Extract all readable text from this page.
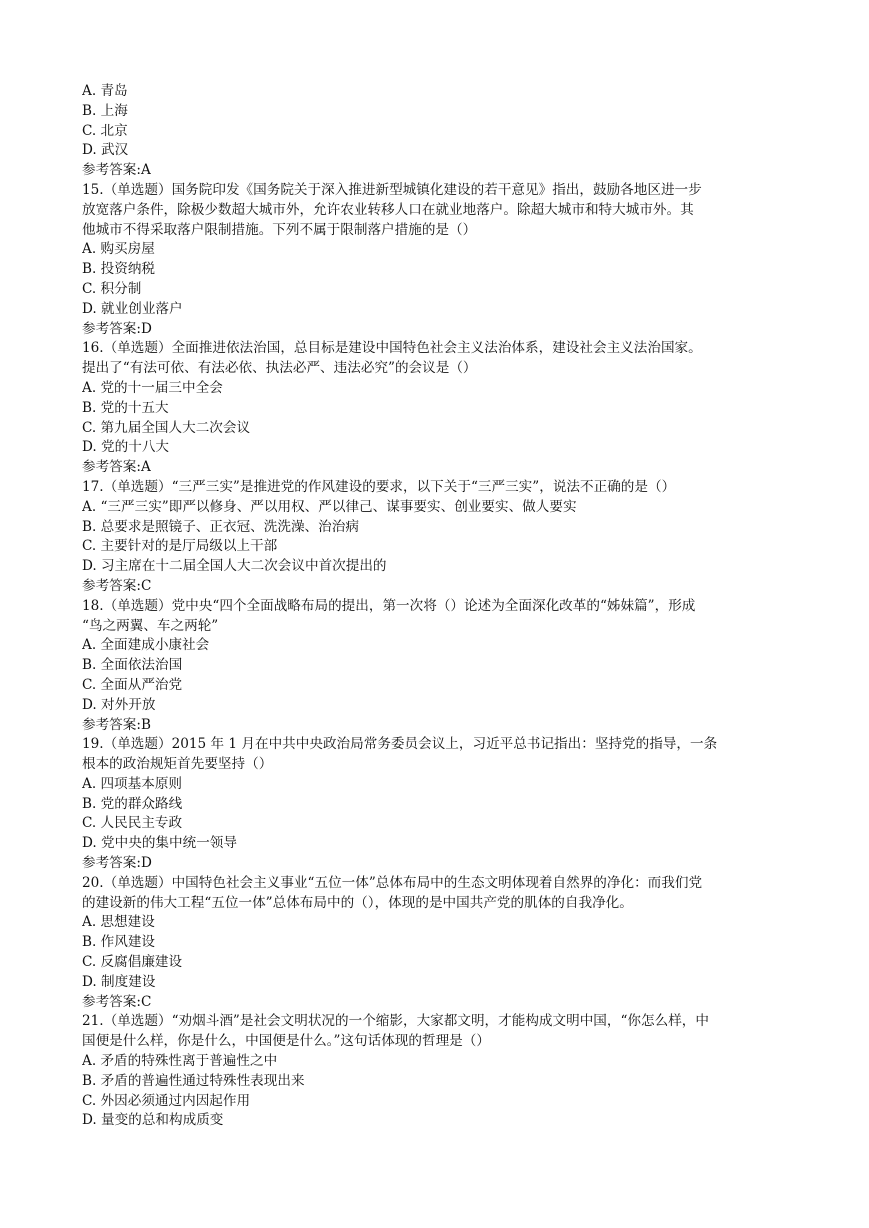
A. 青岛
B. 上海
C. 北京
D. 武汉
参考答案:A
15.（单选题）国务院印发《国务院关于深入推进新型城镇化建设的若干意见》指出，鼓励各地区进一步
放宽落户条件，除极少数超大城市外，允许农业转移人口在就业地落户。除超大城市和特大城市外。其
他城市不得采取落户限制措施。下列不属于限制落户措施的是（）
A. 购买房屋
B. 投资纳税
C. 积分制
D. 就业创业落户
参考答案:D
16.（单选题）全面推进依法治国，总目标是建设中国特色社会主义法治体系，建设社会主义法治国家。
提出了“有法可依、有法必依、执法必严、违法必究”的会议是（）
A. 党的十一届三中全会
B. 党的十五大
C. 第九届全国人大二次会议
D. 党的十八大
参考答案:A
17.（单选题）“三严三实”是推进党的作风建设的要求，以下关于“三严三实”，说法不正确的是（）
A. “三严三实”即严以修身、严以用权、严以律己、谋事要实、创业要实、做人要实
B. 总要求是照镜子、正衣冠、洗洗澡、治治病
C. 主要针对的是厅局级以上干部
D. 习主席在十二届全国人大二次会议中首次提出的
参考答案:C
18.（单选题）党中央“四个全面战略布局的提出，第一次将（）论述为全面深化改革的“姊妹篇”，形成
“鸟之两翼、车之两轮”
A. 全面建成小康社会
B. 全面依法治国
C. 全面从严治党
D. 对外开放
参考答案:B
19.（单选题）2015 年 1 月在中共中央政治局常务委员会议上，习近平总书记指出：坚持党的指导，一条
根本的政治规矩首先要坚持（）
A. 四项基本原则
B. 党的群众路线
C. 人民民主专政
D. 党中央的集中统一领导
参考答案:D
20.（单选题）中国特色社会主义事业“五位一体”总体布局中的生态文明体现着自然界的净化：而我们党
的建设新的伟大工程“五位一体”总体布局中的（），体现的是中国共产党的肌体的自我净化。
A. 思想建设
B. 作风建设
C. 反腐倡廉建设
D. 制度建设
参考答案:C
21.（单选题）“劝烟斗酒”是社会文明状况的一个缩影，大家都文明，才能构成文明中国，“你怎么样，中
国便是什么样，你是什么，中国便是什么。”这句话体现的哲理是（）
A. 矛盾的特殊性离于普遍性之中
B. 矛盾的普遍性通过特殊性表现出来
C. 外因必须通过内因起作用
D. 量变的总和构成质变
